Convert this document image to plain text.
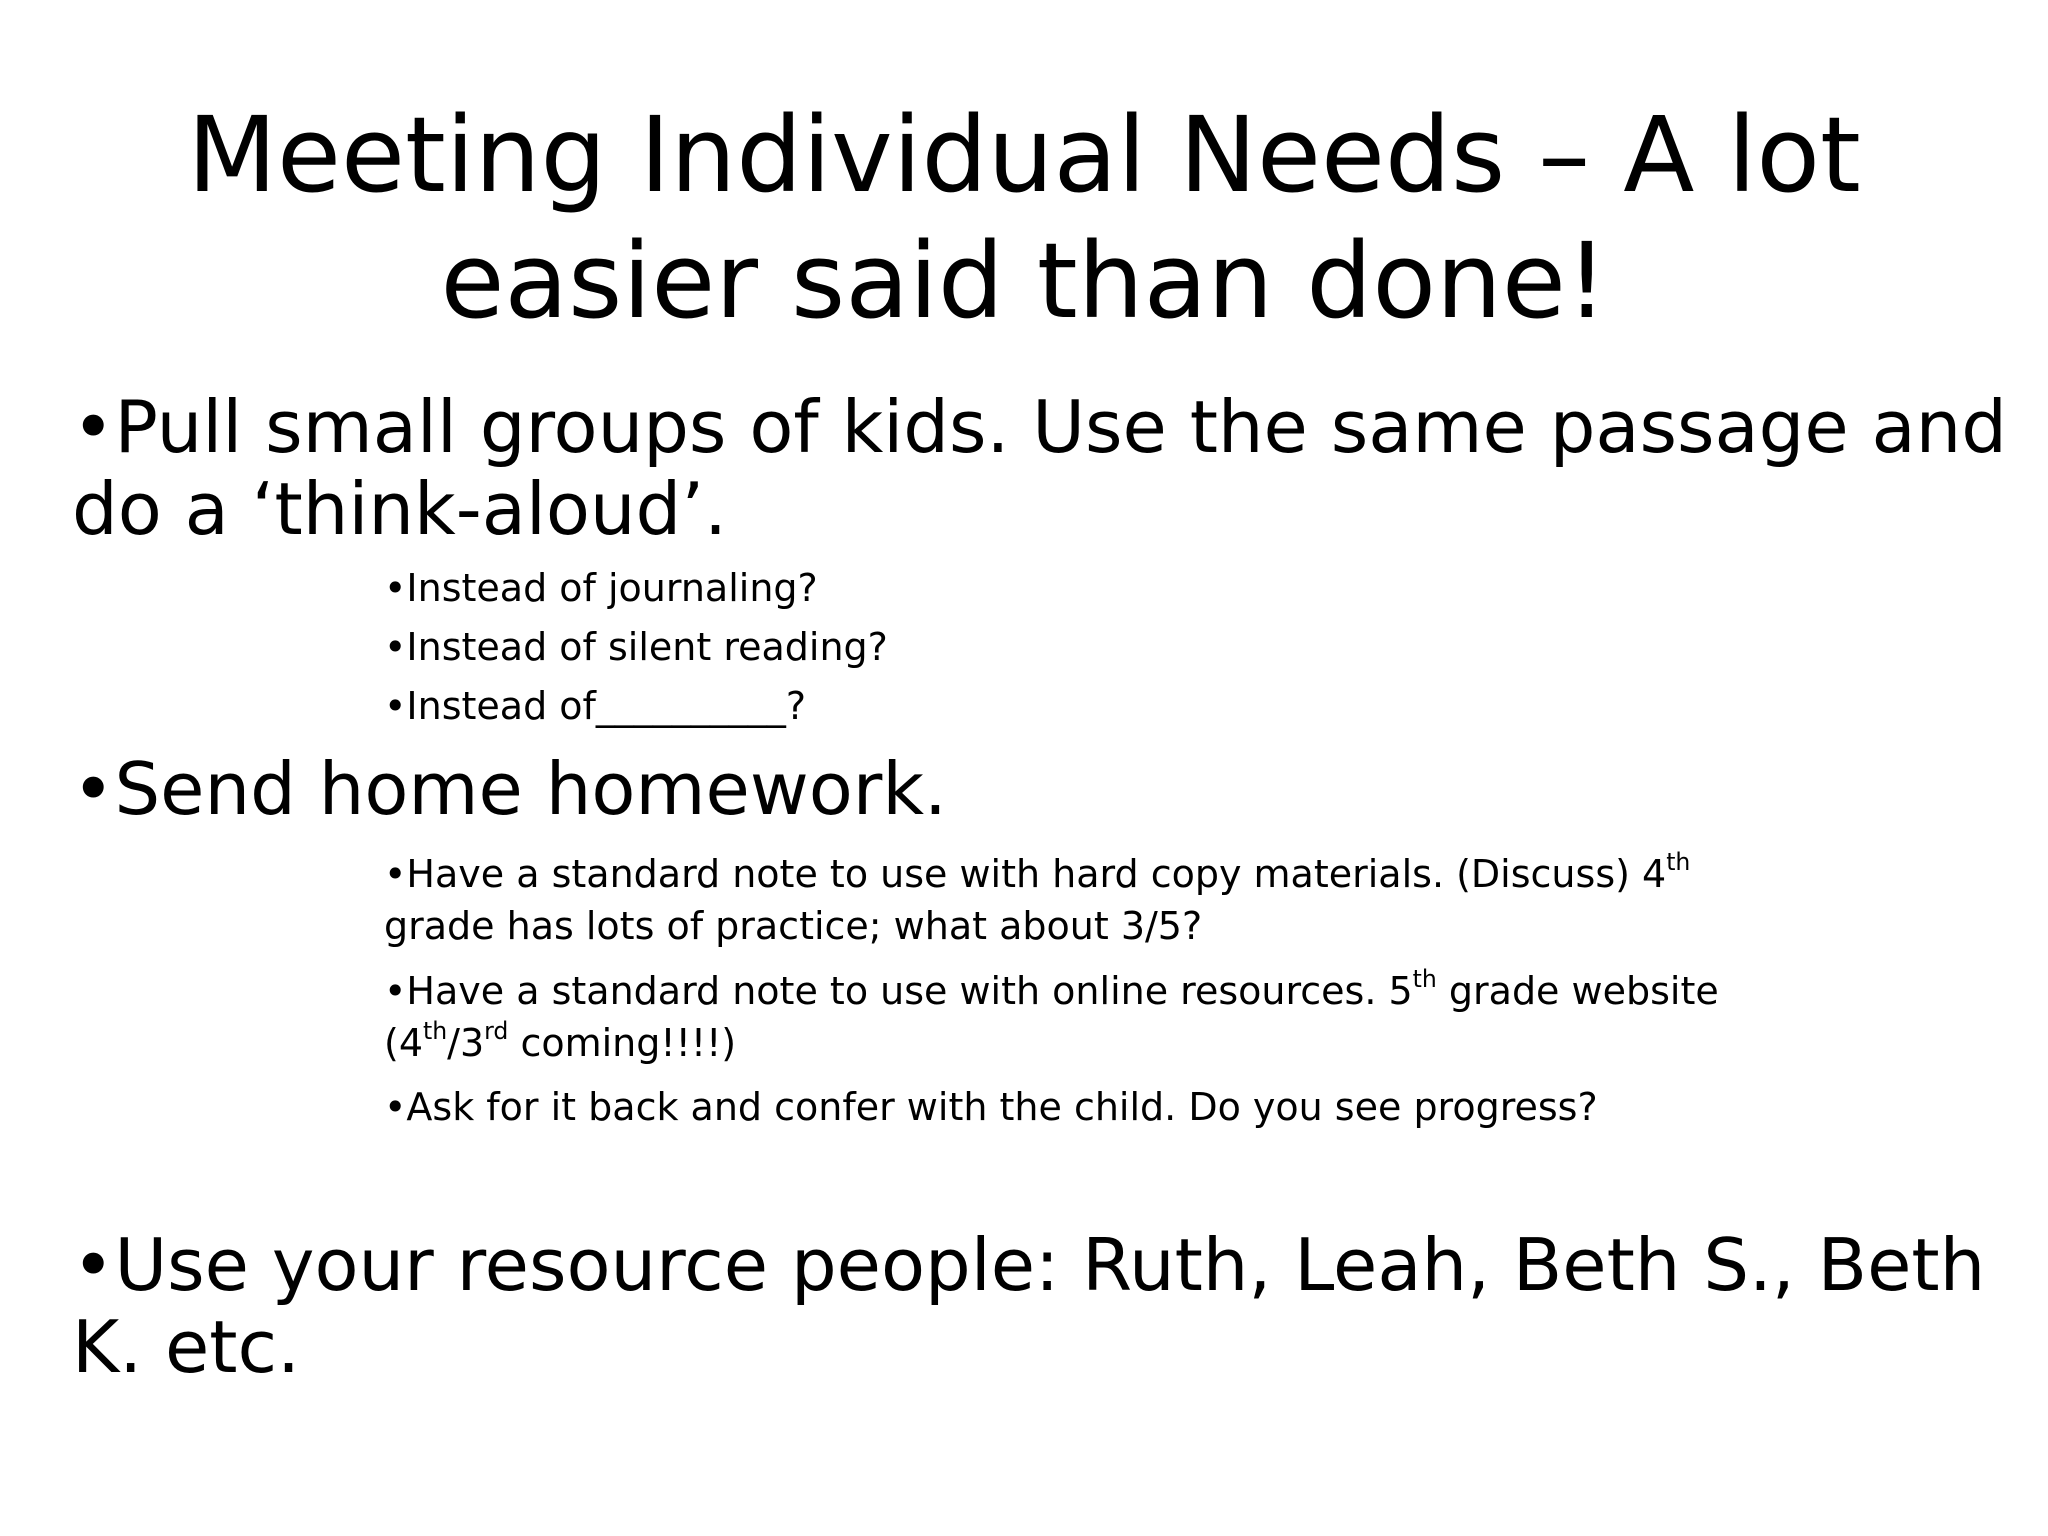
Meeting Individual Needs – A lot
easier said than done!
•Pull small groups of kids. Use the same passage and
do a ‘think-aloud’.
•Instead of journaling?
•Instead of silent reading?
•Instead of__________?
•Send home homework.
•Have a standard note to use with hard copy materials. (Discuss) 4th
grade has lots of practice; what about 3/5?
•Have a standard note to use with online resources. 5th grade website
(4th/3rd coming!!!!)
•Ask for it back and confer with the child. Do you see progress?
•Use your resource people: Ruth, Leah, Beth S., Beth
K. etc.
